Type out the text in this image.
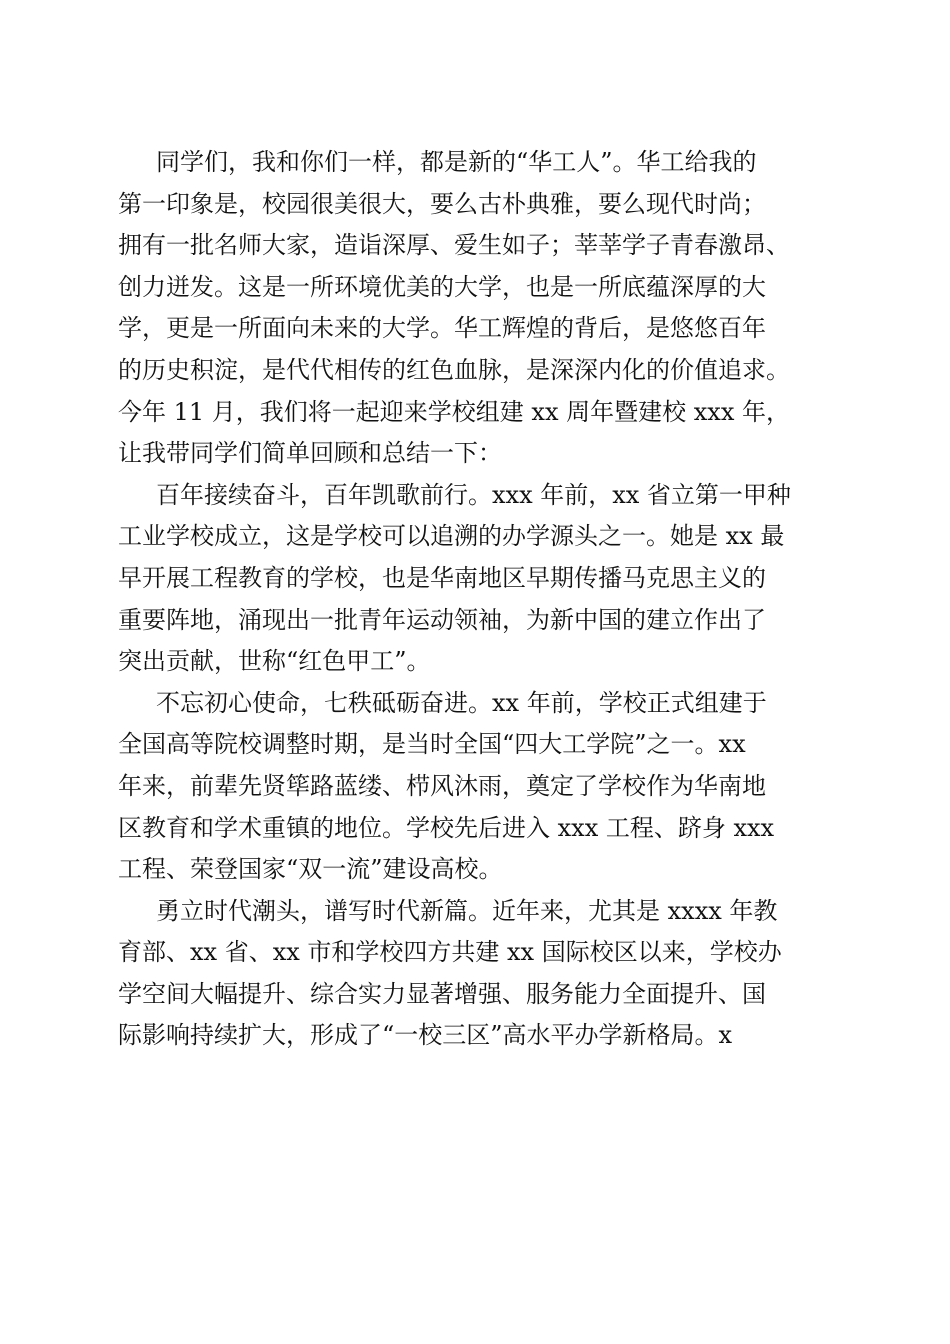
同学们，我和你们一样，都是新的“华工人”。华工给我的
第一印象是，校园很美很大，要么古朴典雅，要么现代时尚；
拥有一批名师大家，造诣深厚、爱生如子；莘莘学子青春激昂、
创力迸发。这是一所环境优美的大学，也是一所底蕴深厚的大
学，更是一所面向未来的大学。华工辉煌的背后，是悠悠百年
的历史积淀，是代代相传的红色血脉，是深深内化的价值追求。
今年 11 月，我们将一起迎来学校组建 xx 周年暨建校 xxx 年，
让我带同学们简单回顾和总结一下：
百年接续奋斗，百年凯歌前行。xxx 年前，xx 省立第一甲种
工业学校成立，这是学校可以追溯的办学源头之一。她是 xx 最
早开展工程教育的学校，也是华南地区早期传播马克思主义的
重要阵地，涌现出一批青年运动领袖，为新中国的建立作出了
突出贡献，世称“红色甲工”。
不忘初心使命，七秩砥砺奋进。xx 年前，学校正式组建于
全国高等院校调整时期，是当时全国“四大工学院”之一。xx
年来，前辈先贤筚路蓝缕、栉风沐雨，奠定了学校作为华南地
区教育和学术重镇的地位。学校先后进入 xxx 工程、跻身 xxx
工程、荣登国家“双一流”建设高校。
勇立时代潮头，谱写时代新篇。近年来，尤其是 xxxx 年教
育部、xx 省、xx 市和学校四方共建 xx 国际校区以来，学校办
学空间大幅提升、综合实力显著增强、服务能力全面提升、国
际影响持续扩大，形成了“一校三区”高水平办学新格局。x
